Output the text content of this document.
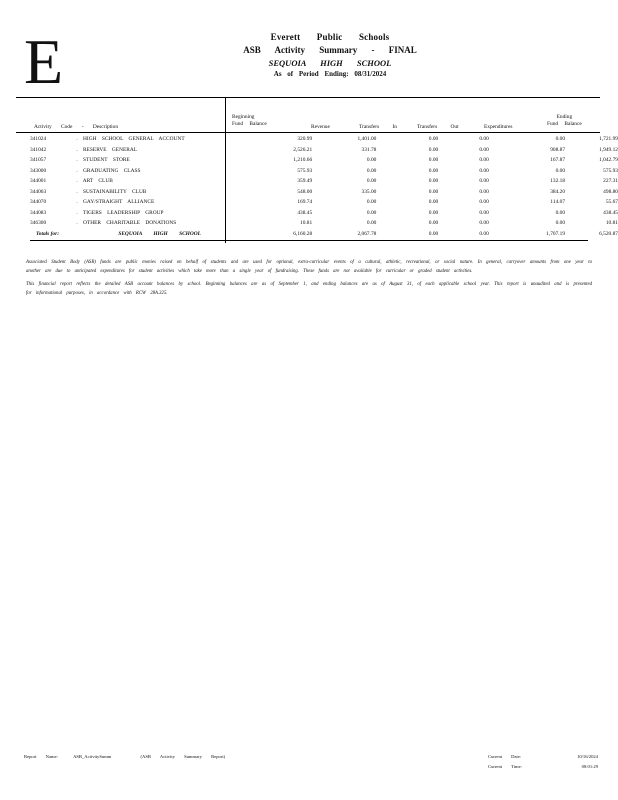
E	Everett Public Schools
ASB Activity Summary - FINAL
SEQUOIA HIGH SCHOOL
As of Period Ending: 08/31/2024
Activity Code - Description
Beginning
Fund Balance	Revenue	Transfers In	Transfers Out	Expenditures
Ending
Fund Balance
341024	. HIGH SCHOOL GENERAL ACCOUNT	320.99	1,401.00	0.00	0.00	0.00	1,721.99
341042	. RESERVE GENERAL	2,526.21	331.78	0.00	0.00	908.87	1,949.12
341057	. STUDENT STORE	1,210.66	0.00	0.00	0.00	167.87	1,042.79
343000	. GRADUATING CLASS	575.93	0.00	0.00	0.00	0.00	575.93
344001	. ART CLUB	359.49	0.00	0.00	0.00	132.18	227.31
344063	. SUSTAINABILITY CLUB	548.00	335.00	0.00	0.00	384.20	498.80
344070	. GAY/STRAIGHT ALLIANCE	169.74	0.00	0.00	0.00	114.07	55.67
344083	. TIGERS LEADERSHIP GROUP	438.45	0.00	0.00	0.00	0.00	438.45
346300	. OTHER CHARITABLE DONATIONS	10.81	0.00	0.00	0.00	0.00	10.81
Totals for:	SEQUOIA HIGH SCHOOL	6,160.28	2,067.78	0.00	0.00	1,707.19	6,520.87

Associated Student Body (ASB) funds are public monies raised on behalf of students and are used for optional, extra-curricular events of a cultural, athletic, recreational, or social nature. In general, carryover amounts from one year to another are due to anticipated expenditures for student activities which take more than a single year of fundraising. These funds are not available for curricular or graded student activities.

This financial report reflects the detailed ASB account balances by school. Beginning balances are as of September 1, and ending balances are as of August 31, of each applicable school year. This report is unaudited and is presented for informational purposes, in accordance with RCW 28A.325.

Report Name:	ASB_ActivitySumm	(ASB Activity Summary Report)	Current Date:	10/16/2024
Current Time:	08:01:29
